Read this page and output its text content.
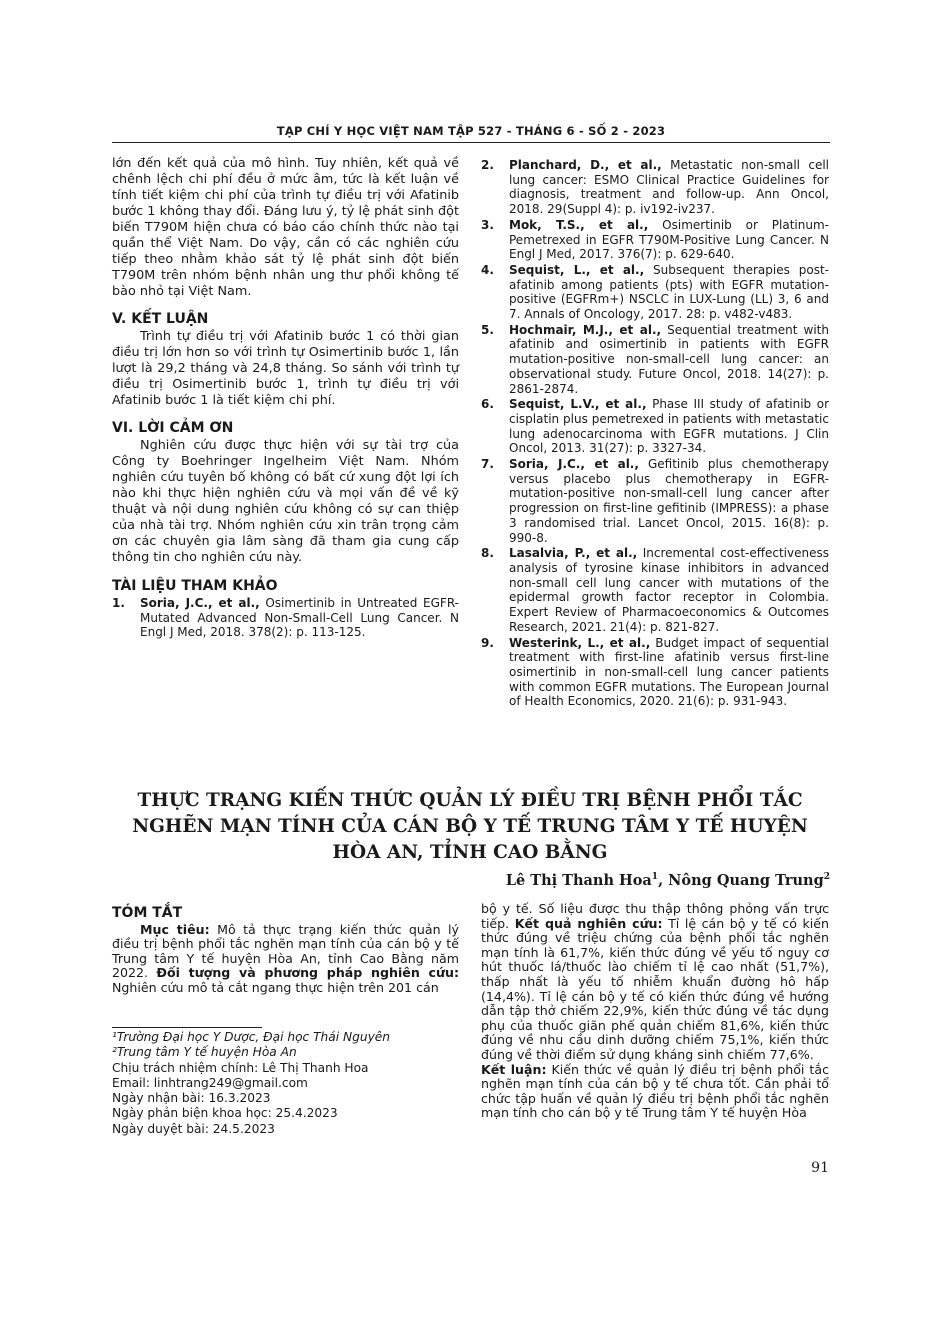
TẠP CHÍ Y HỌC VIỆT NAM TẬP 527 - THÁNG 6 - SỐ 2 - 2023

lớn đến kết quả của mô hình. Tuy nhiên, kết quả về chênh lệch chi phí đều ở mức âm, tức là kết luận về tính tiết kiệm chi phí của trình tự điều trị với Afatinib bước 1 không thay đổi. Đáng lưu ý, tỷ lệ phát sinh đột biến T790M hiện chưa có báo cáo chính thức nào tại quần thể Việt Nam. Do vậy, cần có các nghiên cứu tiếp theo nhằm khảo sát tỷ lệ phát sinh đột biến T790M trên nhóm bệnh nhân ung thư phổi không tế bào nhỏ tại Việt Nam.

V. KẾT LUẬN

Trình tự điều trị với Afatinib bước 1 có thời gian điều trị lớn hơn so với trình tự Osimertinib bước 1, lần lượt là 29,2 tháng và 24,8 tháng. So sánh với trình tự điều trị Osimertinib bước 1, trình tự điều trị với Afatinib bước 1 là tiết kiệm chi phí.

VI. LỜI CẢM ƠN

Nghiên cứu được thực hiện với sự tài trợ của Công ty Boehringer Ingelheim Việt Nam. Nhóm nghiên cứu tuyên bố không có bất cứ xung đột lợi ích nào khi thực hiện nghiên cứu và mọi vấn đề về kỹ thuật và nội dung nghiên cứu không có sự can thiệp của nhà tài trợ. Nhóm nghiên cứu xin trân trọng cảm ơn các chuyên gia lâm sàng đã tham gia cung cấp thông tin cho nghiên cứu này.

TÀI LIỆU THAM KHẢO
1.	Soria, J.C., et al., Osimertinib in Untreated EGFR-Mutated Advanced Non-Small-Cell Lung Cancer. N Engl J Med, 2018. 378(2): p. 113-125.
2.	Planchard, D., et al., Metastatic non-small cell lung cancer: ESMO Clinical Practice Guidelines for diagnosis, treatment and follow-up. Ann Oncol, 2018. 29(Suppl 4): p. iv192-iv237.
3.	Mok, T.S., et al., Osimertinib or Platinum-Pemetrexed in EGFR T790M-Positive Lung Cancer. N Engl J Med, 2017. 376(7): p. 629-640.
4.	Sequist, L., et al., Subsequent therapies post-afatinib among patients (pts) with EGFR mutation-positive (EGFRm+) NSCLC in LUX-Lung (LL) 3, 6 and 7. Annals of Oncology, 2017. 28: p. v482-v483.
5.	Hochmair, M.J., et al., Sequential treatment with afatinib and osimertinib in patients with EGFR mutation-positive non-small-cell lung cancer: an observational study. Future Oncol, 2018. 14(27): p. 2861-2874.
6.	Sequist, L.V., et al., Phase III study of afatinib or cisplatin plus pemetrexed in patients with metastatic lung adenocarcinoma with EGFR mutations. J Clin Oncol, 2013. 31(27): p. 3327-34.
7.	Soria, J.C., et al., Gefitinib plus chemotherapy versus placebo plus chemotherapy in EGFR-mutation-positive non-small-cell lung cancer after progression on first-line gefitinib (IMPRESS): a phase 3 randomised trial. Lancet Oncol, 2015. 16(8): p. 990-8.
8.	Lasalvia, P., et al., Incremental cost-effectiveness analysis of tyrosine kinase inhibitors in advanced non-small cell lung cancer with mutations of the epidermal growth factor receptor in Colombia. Expert Review of Pharmacoeconomics & Outcomes Research, 2021. 21(4): p. 821-827.
9.	Westerink, L., et al., Budget impact of sequential treatment with first-line afatinib versus first-line osimertinib in non-small-cell lung cancer patients with common EGFR mutations. The European Journal of Health Economics, 2020. 21(6): p. 931-943.
THỰC TRẠNG KIẾN THỨC QUẢN LÝ ĐIỀU TRỊ BỆNH PHỔI TẮC NGHẼN MẠN TÍNH CỦA CÁN BỘ Y TẾ TRUNG TÂM Y TẾ HUYỆN HÒA AN, TỈNH CAO BẰNG
Lê Thị Thanh Hoa$^1$, Nông Quang Trung$^2$
TÓM TẮT

Mục tiêu: Mô tả thực trạng kiến thức quản lý điều trị bệnh phổi tắc nghẽn mạn tính của cán bộ y tế Trung tâm Y tế huyện Hòa An, tỉnh Cao Bằng năm 2022. Đối tượng và phương pháp nghiên cứu: Nghiên cứu mô tả cắt ngang thực hiện trên 201 cán

¹Trường Đại học Y Dược, Đại học Thái Nguyên
²Trung tâm Y tế huyện Hòa An
Chịu trách nhiệm chính: Lê Thị Thanh Hoa
Email: linhtrang249@gmail.com
Ngày nhận bài: 16.3.2023
Ngày phản biện khoa học: 25.4.2023
Ngày duyệt bài: 24.5.2023

bộ y tế. Số liệu được thu thập thông phỏng vấn trực tiếp. Kết quả nghiên cứu: Tỉ lệ cán bộ y tế có kiến thức đúng về triệu chứng của bệnh phổi tắc nghẽn mạn tính là 61,7%, kiến thức đúng về yếu tố nguy cơ hút thuốc lá/thuốc lào chiếm tỉ lệ cao nhất (51,7%), thấp nhất là yếu tố nhiễm khuẩn đường hô hấp (14,4%). Tỉ lệ cán bộ y tế có kiến thức đúng về hướng dẫn tập thở chiếm 22,9%, kiến thức đúng về tác dụng phụ của thuốc giãn phế quản chiếm 81,6%, kiến thức đúng về nhu cầu dinh dưỡng chiếm 75,1%, kiến thức đúng về thời điểm sử dụng kháng sinh chiếm 77,6%.

Kết luận: Kiến thức về quản lý điều trị bệnh phổi tắc nghẽn mạn tính của cán bộ y tế chưa tốt. Cần phải tổ chức tập huấn về quản lý điều trị bệnh phổi tắc nghẽn mạn tính cho cán bộ y tế Trung tâm Y tế huyện Hòa

91
